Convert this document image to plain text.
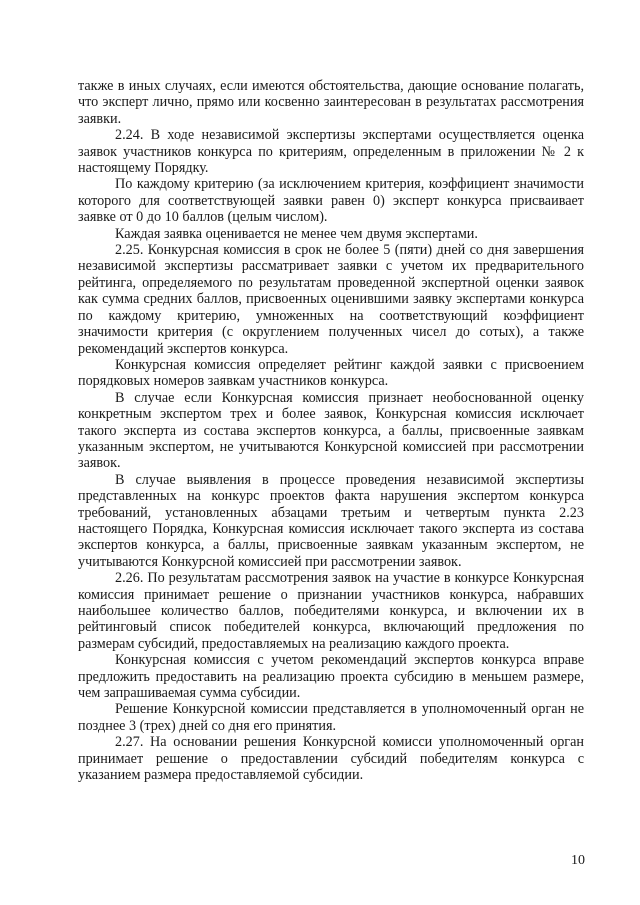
также в иных случаях, если имеются обстоятельства, дающие основание полагать, что эксперт лично, прямо или косвенно заинтересован в результатах рассмотрения заявки.

2.24. В ходе независимой экспертизы экспертами осуществляется оценка заявок участников конкурса по критериям, определенным в приложении № 2 к настоящему Порядку.

По каждому критерию (за исключением критерия, коэффициент значимости которого для соответствующей заявки равен 0) эксперт конкурса присваивает заявке от 0 до 10 баллов (целым числом).

Каждая заявка оценивается не менее чем двумя экспертами.

2.25. Конкурсная комиссия в срок не более 5 (пяти) дней со дня завершения независимой экспертизы рассматривает заявки с учетом их предварительного рейтинга, определяемого по результатам проведенной экспертной оценки заявок как сумма средних баллов, присвоенных оценившими заявку экспертами конкурса по каждому критерию, умноженных на соответствующий коэффициент значимости критерия (с округлением полученных чисел до сотых), а также рекомендаций экспертов конкурса.

Конкурсная комиссия определяет рейтинг каждой заявки с присвоением порядковых номеров заявкам участников конкурса.

В случае если Конкурсная комиссия признает необоснованной оценку конкретным экспертом трех и более заявок, Конкурсная комиссия исключает такого эксперта из состава экспертов конкурса, а баллы, присвоенные заявкам указанным экспертом, не учитываются Конкурсной комиссией при рассмотрении заявок.

В случае выявления в процессе проведения независимой экспертизы представленных на конкурс проектов факта нарушения экспертом конкурса требований, установленных абзацами третьим и четвертым пункта 2.23 настоящего Порядка, Конкурсная комиссия исключает такого эксперта из состава экспертов конкурса, а баллы, присвоенные заявкам указанным экспертом, не учитываются Конкурсной комиссией при рассмотрении заявок.

2.26. По результатам рассмотрения заявок на участие в конкурсе Конкурсная комиссия принимает решение о признании участников конкурса, набравших наибольшее количество баллов, победителями конкурса, и включении их в рейтинговый список победителей конкурса, включающий предложения по размерам субсидий, предоставляемых на реализацию каждого проекта.

Конкурсная комиссия с учетом рекомендаций экспертов конкурса вправе предложить предоставить на реализацию проекта субсидию в меньшем размере, чем запрашиваемая сумма субсидии.

Решение Конкурсной комиссии представляется в уполномоченный орган не позднее 3 (трех) дней со дня его принятия.

2.27. На основании решения Конкурсной комисси уполномоченный орган принимает решение о предоставлении субсидий победителям конкурса с указанием размера предоставляемой субсидии.

10
